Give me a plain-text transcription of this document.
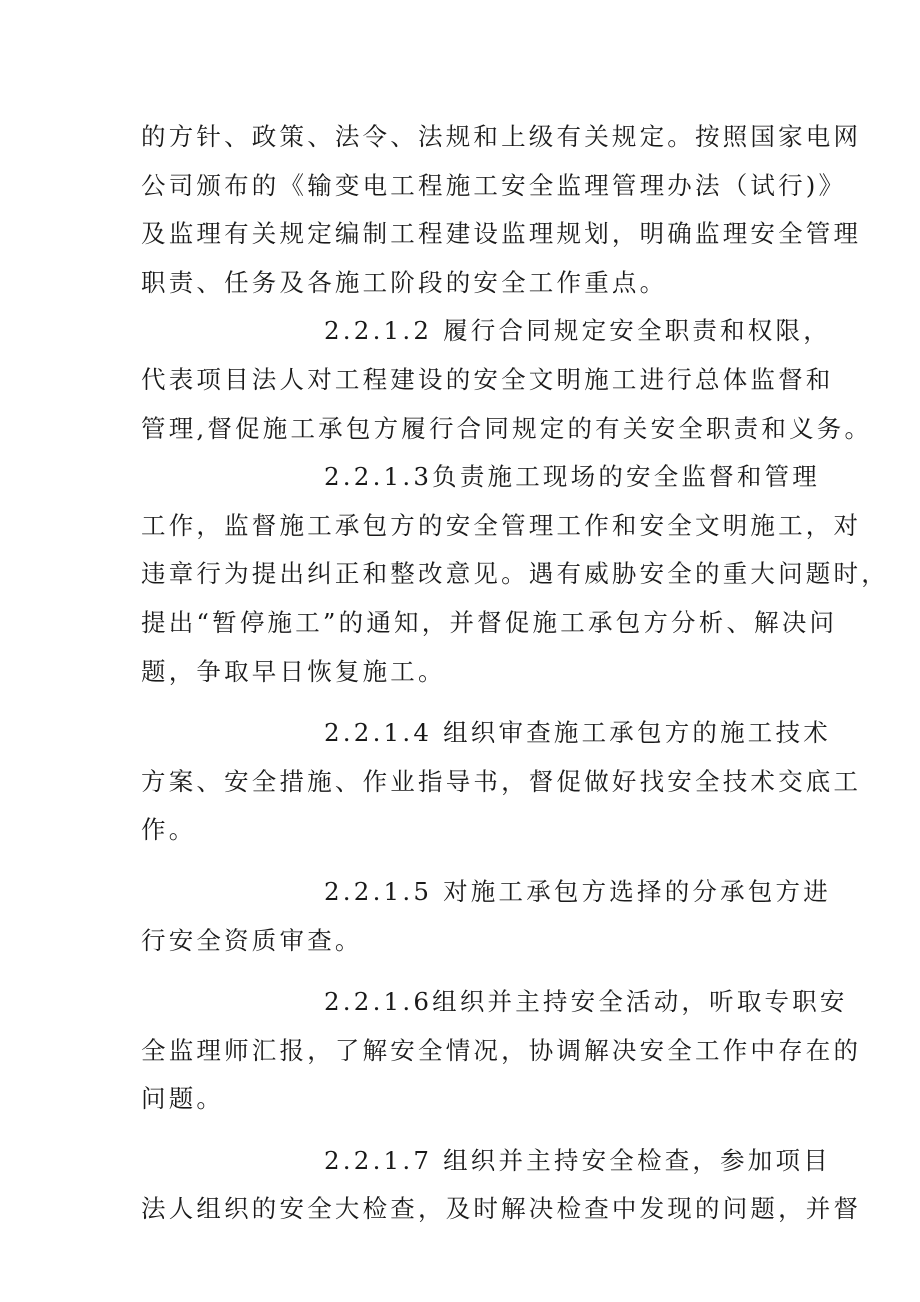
的方针、政策、法令、法规和上级有关规定。按照国家电网
公司颁布的《输变电工程施工安全监理管理办法（试行)》
及监理有关规定编制工程建设监理规划，明确监理安全管理
职责、任务及各施工阶段的安全工作重点。
2.2.1.2 履行合同规定安全职责和权限，
代表项目法人对工程建设的安全文明施工进行总体监督和
管理,督促施工承包方履行合同规定的有关安全职责和义务。
2.2.1.3负责施工现场的安全监督和管理
工作，监督施工承包方的安全管理工作和安全文明施工，对
违章行为提出纠正和整改意见。遇有威胁安全的重大问题时，
提出“暂停施工”的通知，并督促施工承包方分析、解决问
题，争取早日恢复施工。
2.2.1.4 组织审查施工承包方的施工技术
方案、安全措施、作业指导书，督促做好找安全技术交底工
作。
2.2.1.5 对施工承包方选择的分承包方进
行安全资质审查。
2.2.1.6组织并主持安全活动，听取专职安
全监理师汇报，了解安全情况，协调解决安全工作中存在的
问题。
2.2.1.7 组织并主持安全检查，参加项目
法人组织的安全大检查，及时解决检查中发现的问题，并督
